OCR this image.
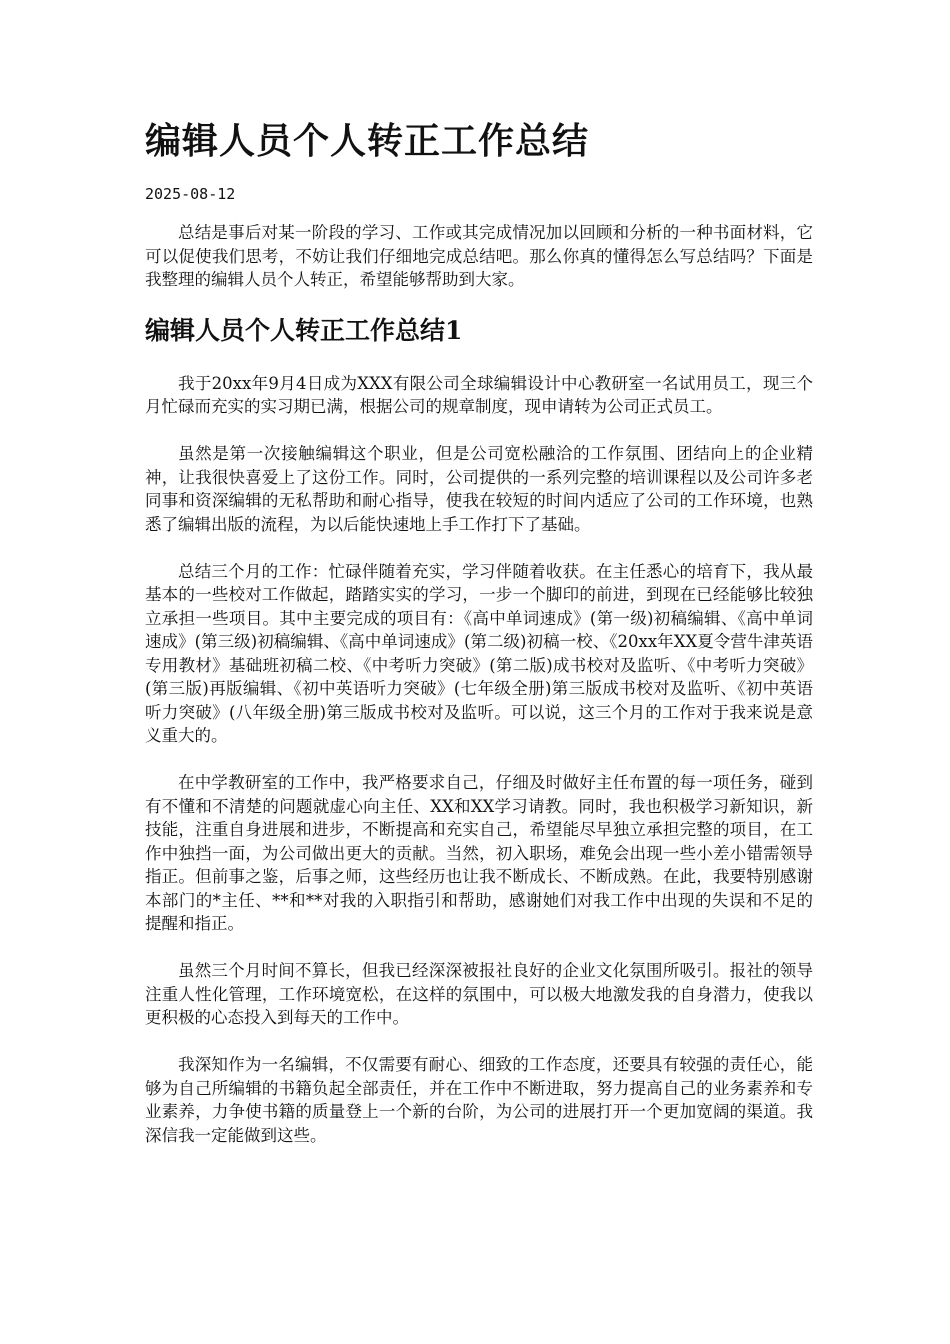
编辑人员个人转正工作总结
2025-08-12

总结是事后对某一阶段的学习、工作或其完成情况加以回顾和分析的一种书面材料，它可以促使我们思考，不妨让我们仔细地完成总结吧。那么你真的懂得怎么写总结吗？下面是我整理的编辑人员个人转正，希望能够帮助到大家。

编辑人员个人转正工作总结1

我于20xx年9月4日成为XXX有限公司全球编辑设计中心教研室一名试用员工，现三个月忙碌而充实的实习期已满，根据公司的规章制度，现申请转为公司正式员工。

虽然是第一次接触编辑这个职业，但是公司宽松融洽的工作氛围、团结向上的企业精神，让我很快喜爱上了这份工作。同时，公司提供的一系列完整的培训课程以及公司许多老同事和资深编辑的无私帮助和耐心指导，使我在较短的时间内适应了公司的工作环境，也熟悉了编辑出版的流程，为以后能快速地上手工作打下了基础。

总结三个月的工作：忙碌伴随着充实，学习伴随着收获。在主任悉心的培育下，我从最基本的一些校对工作做起，踏踏实实的学习，一步一个脚印的前进，到现在已经能够比较独立承担一些项目。其中主要完成的项目有：《高中单词速成》(第一级)初稿编辑、《高中单词速成》(第三级)初稿编辑、《高中单词速成》(第二级)初稿一校、《20xx年XX夏令营牛津英语专用教材》基础班初稿二校、《中考听力突破》(第二版)成书校对及监听、《中考听力突破》(第三版)再版编辑、《初中英语听力突破》(七年级全册)第三版成书校对及监听、《初中英语听力突破》(八年级全册)第三版成书校对及监听。可以说，这三个月的工作对于我来说是意义重大的。

在中学教研室的工作中，我严格要求自己，仔细及时做好主任布置的每一项任务，碰到有不懂和不清楚的问题就虚心向主任、XX和XX学习请教。同时，我也积极学习新知识，新技能，注重自身进展和进步，不断提高和充实自己，希望能尽早独立承担完整的项目，在工作中独挡一面，为公司做出更大的贡献。当然，初入职场，难免会出现一些小差小错需领导指正。但前事之鉴，后事之师，这些经历也让我不断成长、不断成熟。在此，我要特别感谢本部门的*主任、**和**对我的入职指引和帮助，感谢她们对我工作中出现的失误和不足的提醒和指正。

虽然三个月时间不算长，但我已经深深被报社良好的企业文化氛围所吸引。报社的领导注重人性化管理，工作环境宽松，在这样的氛围中，可以极大地激发我的自身潜力，使我以更积极的心态投入到每天的工作中。

我深知作为一名编辑，不仅需要有耐心、细致的工作态度，还要具有较强的责任心，能够为自己所编辑的书籍负起全部责任，并在工作中不断进取，努力提高自己的业务素养和专业素养，力争使书籍的质量登上一个新的台阶，为公司的进展打开一个更加宽阔的渠道。我深信我一定能做到这些。
